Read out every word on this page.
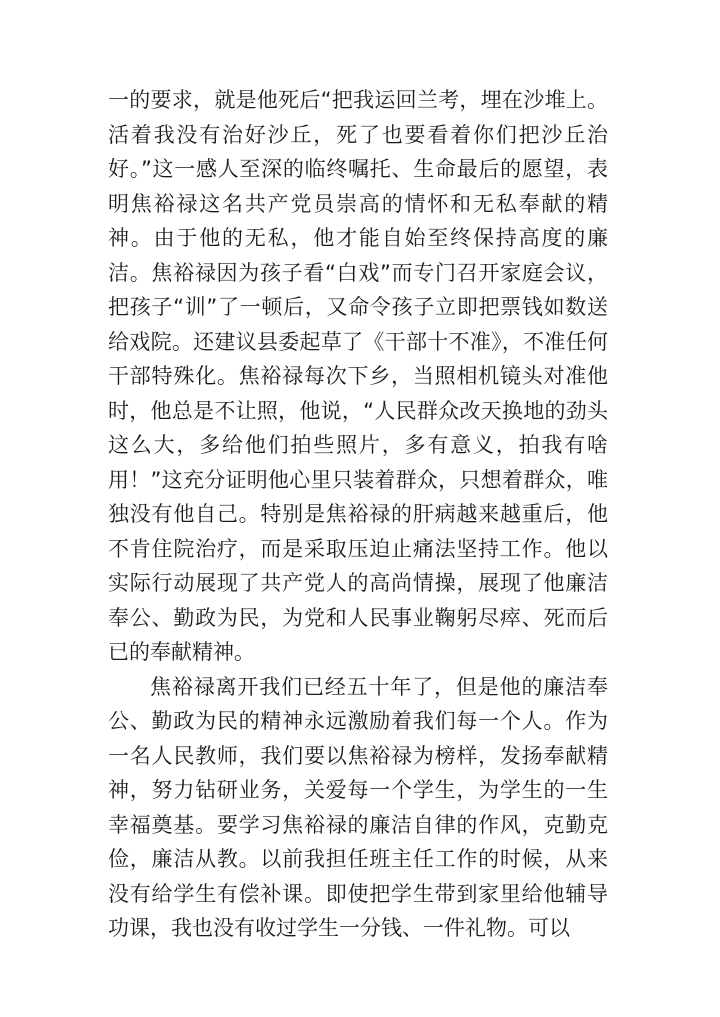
一的要求，就是他死后“把我运回兰考，埋在沙堆上。活着我没有治好沙丘，死了也要看着你们把沙丘治好。”这一感人至深的临终嘱托、生命最后的愿望，表明焦裕禄这名共产党员崇高的情怀和无私奉献的精神。由于他的无私，他才能自始至终保持高度的廉洁。焦裕禄因为孩子看“白戏”而专门召开家庭会议，把孩子“训”了一顿后，又命令孩子立即把票钱如数送给戏院。还建议县委起草了《干部十不准》，不准任何干部特殊化。焦裕禄每次下乡，当照相机镜头对准他时，他总是不让照，他说，“人民群众改天换地的劲头这么大，多给他们拍些照片，多有意义，拍我有啥用！”这充分证明他心里只装着群众，只想着群众，唯独没有他自己。特别是焦裕禄的肝病越来越重后，他不肯住院治疗，而是采取压迫止痛法坚持工作。他以实际行动展现了共产党人的高尚情操，展现了他廉洁奉公、勤政为民，为党和人民事业鞠躬尽瘁、死而后已的奉献精神。

焦裕禄离开我们已经五十年了，但是他的廉洁奉公、勤政为民的精神永远激励着我们每一个人。作为一名人民教师，我们要以焦裕禄为榜样，发扬奉献精神，努力钻研业务，关爱每一个学生，为学生的一生幸福奠基。要学习焦裕禄的廉洁自律的作风，克勤克俭，廉洁从教。以前我担任班主任工作的时候，从来没有给学生有偿补课。即使把学生带到家里给他辅导功课，我也没有收过学生一分钱、一件礼物。可以
